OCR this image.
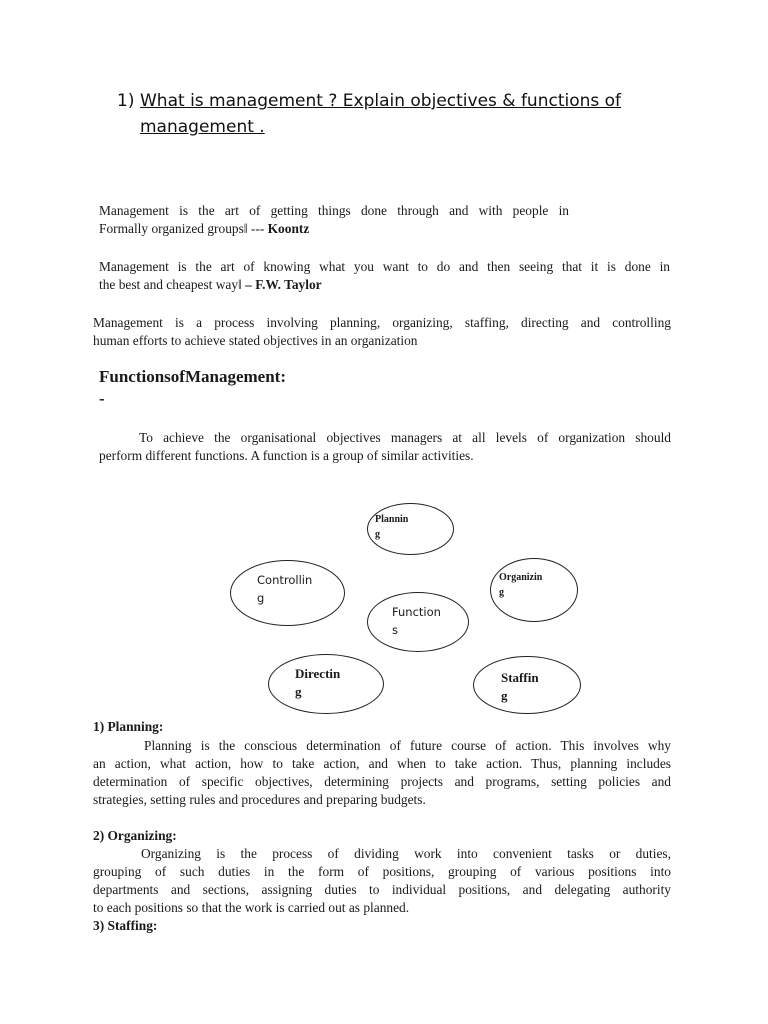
1) What is management ? Explain objectives & functions of
management .
Management is the art of getting things done through and with people in
Formally organized groups‖ --- Koontz
Management is the art of knowing what you want to do and then seeing that it is done in
the best and cheapest way‖ – F.W. Taylor
Management is a process involving planning, organizing, staffing, directing and controlling
human efforts to achieve stated objectives in an organization
FunctionsofManagement:
-
To achieve the organisational objectives managers at all levels of organization should
perform different functions. A function is a group of similar activities.
Plannin
g
Organizin
g
Controllin
g
Function
s
Directin
g
Staffin
g
1) Planning:
Planning is the conscious determination of future course of action. This involves why
an action, what action, how to take action, and when to take action. Thus, planning includes
determination of specific objectives, determining projects and programs, setting policies and
strategies, setting rules and procedures and preparing budgets.
2) Organizing:
Organizing is the process of dividing work into convenient tasks or duties,
grouping of such duties in the form of positions, grouping of various positions into
departments and sections, assigning duties to individual positions, and delegating authority
to each positions so that the work is carried out as planned.
3) Staffing:
